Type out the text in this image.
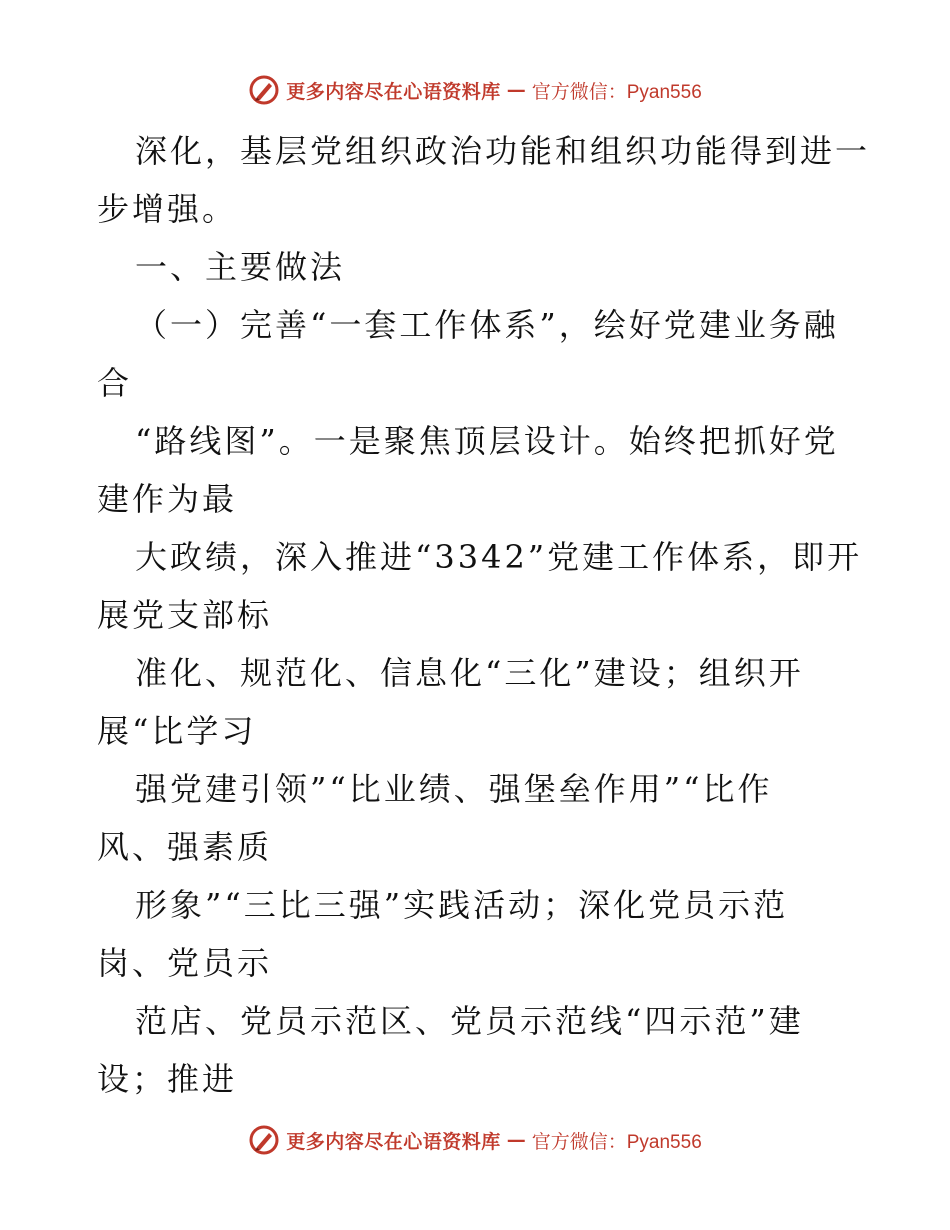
更多内容尽在心语资料库 — 官方微信：Pyan556
深化，基层党组织政治功能和组织功能得到进一
步增强。
一、主要做法
（一）完善“一套工作体系”，绘好党建业务融
合
“路线图”。一是聚焦顶层设计。始终把抓好党
建作为最
大政绩，深入推进“3342”党建工作体系，即开
展党支部标
准化、规范化、信息化“三化”建设；组织开
展“比学习
强党建引领”“比业绩、强堡垒作用”“比作
风、强素质
形象”“三比三强”实践活动；深化党员示范
岗、党员示
范店、党员示范区、党员示范线“四示范”建
设；推进
更多内容尽在心语资料库 — 官方微信：Pyan556
